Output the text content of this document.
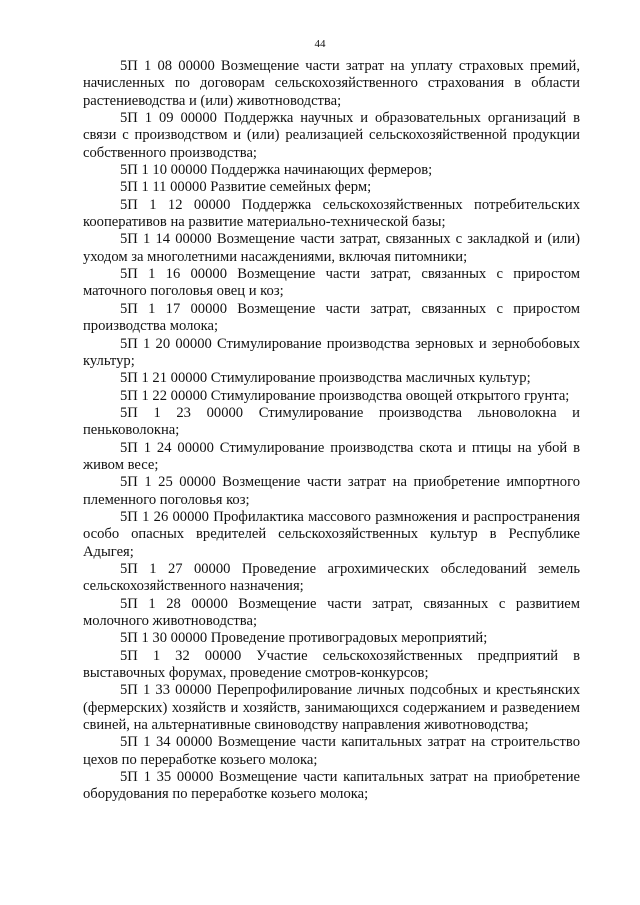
44

5П 1 08 00000 Возмещение части затрат на уплату страховых премий, начисленных по договорам сельскохозяйственного страхования в области растениеводства и (или) животноводства;

5П 1 09 00000 Поддержка научных и образовательных организаций в связи с производством и (или) реализацией сельскохозяйственной продукции собственного производства;

5П 1 10 00000 Поддержка начинающих фермеров;

5П 1 11 00000 Развитие семейных ферм;

5П 1 12 00000 Поддержка сельскохозяйственных потребительских кооперативов на развитие материально-технической базы;

5П 1 14 00000 Возмещение части затрат, связанных с закладкой и (или) уходом за многолетними насаждениями, включая питомники;

5П 1 16 00000 Возмещение части затрат, связанных с приростом маточного поголовья овец и коз;

5П 1 17 00000 Возмещение части затрат, связанных с приростом производства молока;

5П 1 20 00000 Стимулирование производства зерновых и зернобобовых культур;

5П 1 21 00000 Стимулирование производства масличных культур;

5П 1 22 00000 Стимулирование производства овощей открытого грунта;

5П 1 23 00000 Стимулирование производства льноволокна и пеньковолокна;

5П 1 24 00000 Стимулирование производства скота и птицы на убой в живом весе;

5П 1 25 00000 Возмещение части затрат на приобретение импортного племенного поголовья коз;

5П 1 26 00000 Профилактика массового размножения и распространения особо опасных вредителей сельскохозяйственных культур в Республике Адыгея;

5П 1 27 00000 Проведение агрохимических обследований земель сельскохозяйственного назначения;

5П 1 28 00000 Возмещение части затрат, связанных с развитием молочного животноводства;

5П 1 30 00000 Проведение противоградовых мероприятий;

5П 1 32 00000 Участие сельскохозяйственных предприятий в выставочных форумах, проведение смотров-конкурсов;

5П 1 33 00000 Перепрофилирование личных подсобных и крестьянских (фермерских) хозяйств и хозяйств, занимающихся содержанием и разведением свиней, на альтернативные свиноводству направления животноводства;

5П 1 34 00000 Возмещение части капитальных затрат на строительство цехов по переработке козьего молока;

5П 1 35 00000 Возмещение части капитальных затрат на приобретение оборудования по переработке козьего молока;
